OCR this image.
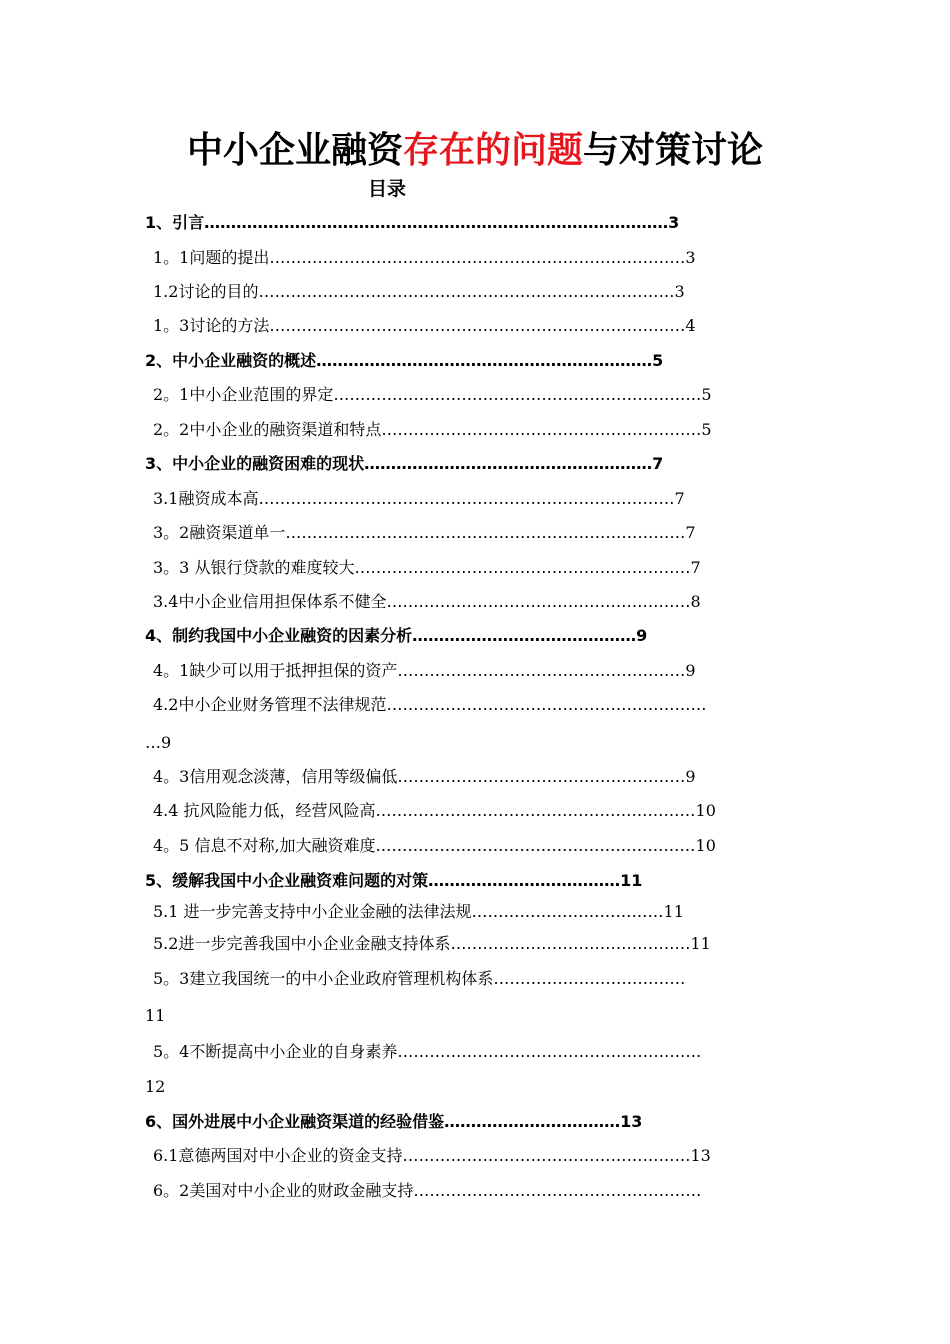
中小企业融资存在的问题与对策讨论
目录
1、引言……………………………………………………………………………3
1。1问题的提出……………………………………………………………………3
1.2讨论的目的……………………………………………………………………3
1。3讨论的方法……………………………………………………………………4
2、中小企业融资的概述………………………………………………………5
2。1中小企业范围的界定……………………………………………………………5
2。2中小企业的融资渠道和特点……………………………………………………5
3、中小企业的融资困难的现状………………………………………………7
3.1融资成本高……………………………………………………………………7
3。2融资渠道单一…………………………………………………………………7
3。3 从银行贷款的难度较大………………………………………………………7
3.4中小企业信用担保体系不健全…………………………………………………8
4、制约我国中小企业融资的因素分析……………………………………9
4。1缺少可以用于抵押担保的资产………………………………………………9
4.2中小企业财务管理不法律规范……………………………………………………
…9
4。3信用观念淡薄，信用等级偏低………………………………………………9
4.4 抗风险能力低，经营风险高……………………………………………………10
4。5 信息不对称,加大融资难度……………………………………………………10
5、缓解我国中小企业融资难问题的对策………………………………11
5.1 进一步完善支持中小企业金融的法律法规………………………………11
5.2进一步完善我国中小企业金融支持体系………………………………………11
5。3建立我国统一的中小企业政府管理机构体系………………………………
11
5。4不断提高中小企业的自身素养…………………………………………………
12
6、国外进展中小企业融资渠道的经验借鉴……………………………13
6.1意德两国对中小企业的资金支持………………………………………………13
6。2美国对中小企业的财政金融支持………………………………………………
